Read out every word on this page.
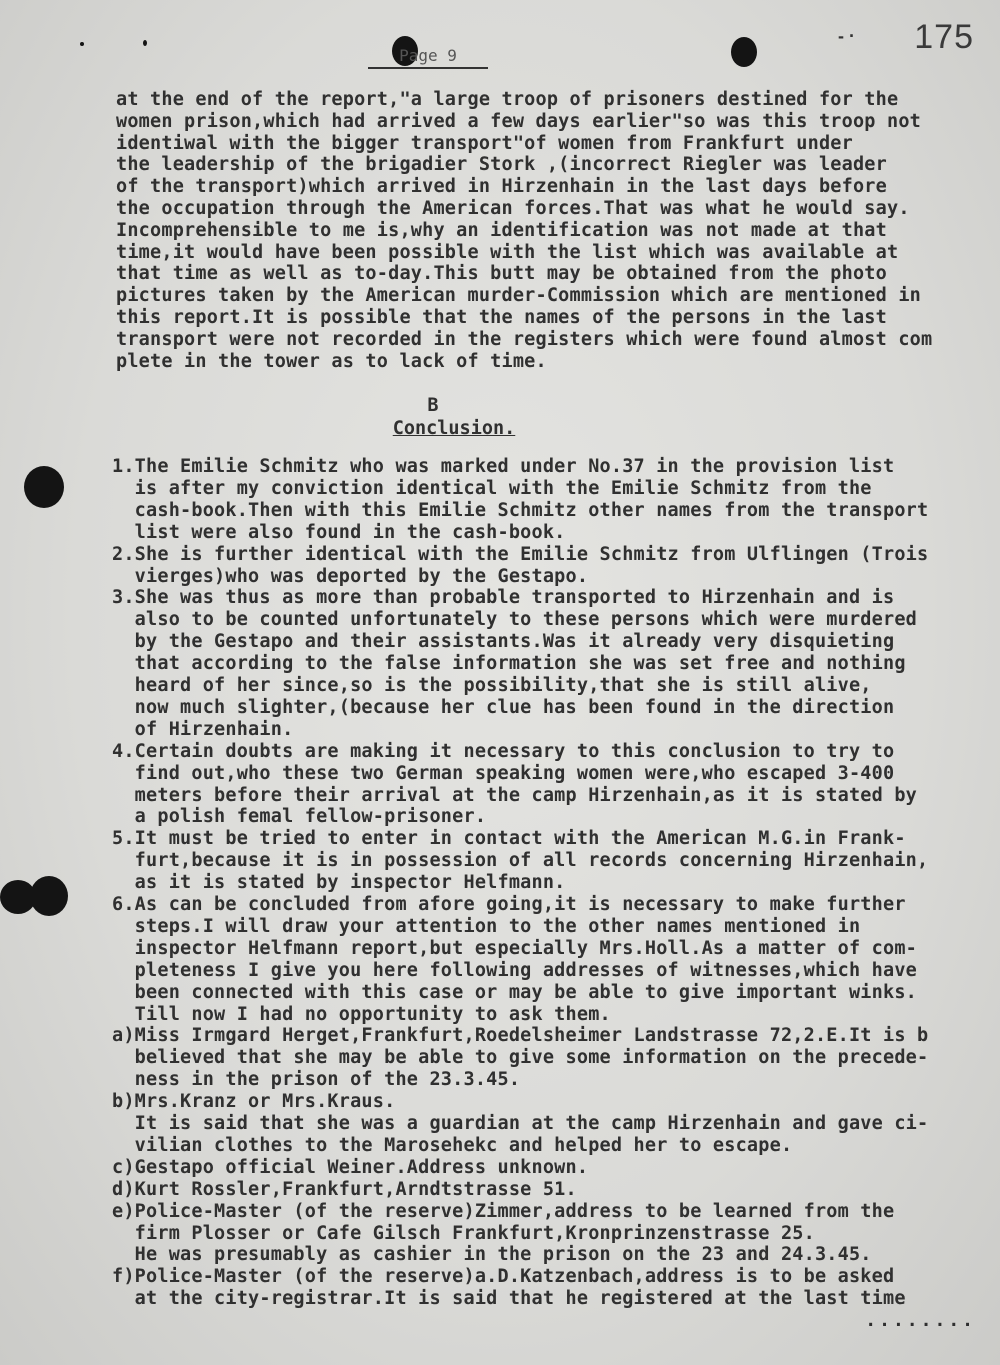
- · 175
Page 9
at the end of the report,"a large troop of prisoners destined for the
women prison,which had arrived a few days earlier"so was this troop not
identiwal with the bigger transport"of women from Frankfurt under
the leadership of the brigadier Stork ,(incorrect Riegler was leader
of the transport)which arrived in Hirzenhain in the last days before
the occupation through the American forces.That was what he would say.
Incomprehensible to me is,why an identification was not made at that
time,it would have been possible with the list which was available at
that time as well as to-day.This butt may be obtained from the photo
pictures taken by the American murder-Commission which are mentioned in
this report.It is possible that the names of the persons in the last
transport were not recorded in the registers which were found almost com
plete in the tower as to lack of time.
B
Conclusion.
1.The Emilie Schmitz who was marked under No.37 in the provision list
is after my conviction identical with the Emilie Schmitz from the
cash-book.Then with this Emilie Schmitz other names from the transport
list were also found in the cash-book.
2.She is further identical with the Emilie Schmitz from Ulflingen (Trois
vierges)who was deported by the Gestapo.
3.She was thus as more than probable transported to Hirzenhain and is
also to be counted unfortunately to these persons which were murdered
by the Gestapo and their assistants.Was it already very disquieting
that according to the false information she was set free and nothing
heard of her since,so is the possibility,that she is still alive,
now much slighter,(because her clue has been found in the direction
of Hirzenhain.
4.Certain doubts are making it necessary to this conclusion to try to
find out,who these two German speaking women were,who escaped 3-400
meters before their arrival at the camp Hirzenhain,as it is stated by
a polish femal fellow-prisoner.
5.It must be tried to enter in contact with the American M.G.in Frank-
furt,because it is in possession of all records concerning Hirzenhain,
as it is stated by inspector Helfmann.
6.As can be concluded from afore going,it is necessary to make further
steps.I will draw your attention to the other names mentioned in
inspector Helfmann report,but especially Mrs.Holl.As a matter of com-
pleteness I give you here following addresses of witnesses,which have
been connected with this case or may be able to give important winks.
Till now I had no opportunity to ask them.
a)Miss Irmgard Herget,Frankfurt,Roedelsheimer Landstrasse 72,2.E.It is b
believed that she may be able to give some information on the precede-
ness in the prison of the 23.3.45.
b)Mrs.Kranz or Mrs.Kraus.
It is said that she was a guardian at the camp Hirzenhain and gave ci-
vilian clothes to the Marosehekc and helped her to escape.
c)Gestapo official Weiner.Address unknown.
d)Kurt Rossler,Frankfurt,Arndtstrasse 51.
e)Police-Master (of the reserve)Zimmer,address to be learned from the
firm Plosser or Cafe Gilsch Frankfurt,Kronprinzenstrasse 25.
He was presumably as cashier in the prison on the 23 and 24.3.45.
f)Police-Master (of the reserve)a.D.Katzenbach,address is to be asked
at the city-registrar.It is said that he registered at the last time
........
